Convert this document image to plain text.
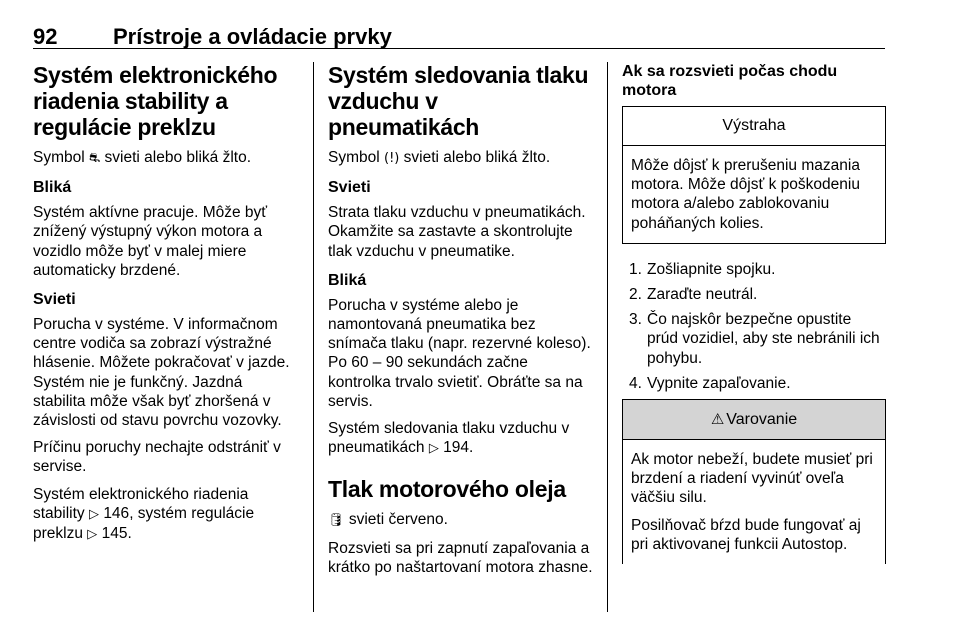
92	Prístroje a ovládacie prvky
Systém elektronického riadenia stability a regulácie preklzu

Symbol ⛐ svieti alebo bliká žlto.

Bliká

Systém aktívne pracuje. Môže byť znížený výstupný výkon motora a vozidlo môže byť v malej miere automaticky brzdené.

Svieti

Porucha v systéme. V informačnom centre vodiča sa zobrazí výstražné hlásenie. Môžete pokračovať v jazde. Systém nie je funkčný. Jazdná stabilita môže však byť zhoršená v závislosti od stavu povrchu vozovky.

Príčinu poruchy nechajte odstrániť v servise.

Systém elektronického riadenia stability ▷ 146, systém regulácie preklzu ▷ 145.

Systém sledovania tlaku vzduchu v pneumatikách

Symbol (!) svieti alebo bliká žlto.

Svieti

Strata tlaku vzduchu v pneumatikách. Okamžite sa zastavte a skontrolujte tlak vzduchu v pneumatike.

Bliká

Porucha v systéme alebo je namontovaná pneumatika bez snímača tlaku (napr. rezervné koleso). Po 60 – 90 sekundách začne kontrolka trvalo svietiť. Obráťte sa na servis.

Systém sledovania tlaku vzduchu v pneumatikách ▷ 194.

Tlak motorového oleja

🛢 svieti červeno.

Rozsvieti sa pri zapnutí zapaľovania a krátko po naštartovaní motora zhasne.

Ak sa rozsvieti počas chodu motora
Výstraha

Môže dôjsť k prerušeniu mazania motora. Môže dôjsť k poškodeniu motora a/alebo zablokovaniu poháňaných kolies.

1. Zošliapnite spojku.
2. Zaraďte neutrál.
3. Čo najskôr bezpečne opustite prúd vozidiel, aby ste nebránili ich pohybu.
4. Vypnite zapaľovanie.
⚠ Varovanie

Ak motor nebeží, budete musieť pri brzdení a riadení vyvinúť oveľa väčšiu silu.

Posilňovač bŕzd bude fungovať aj pri aktivovanej funkcii Autostop.
